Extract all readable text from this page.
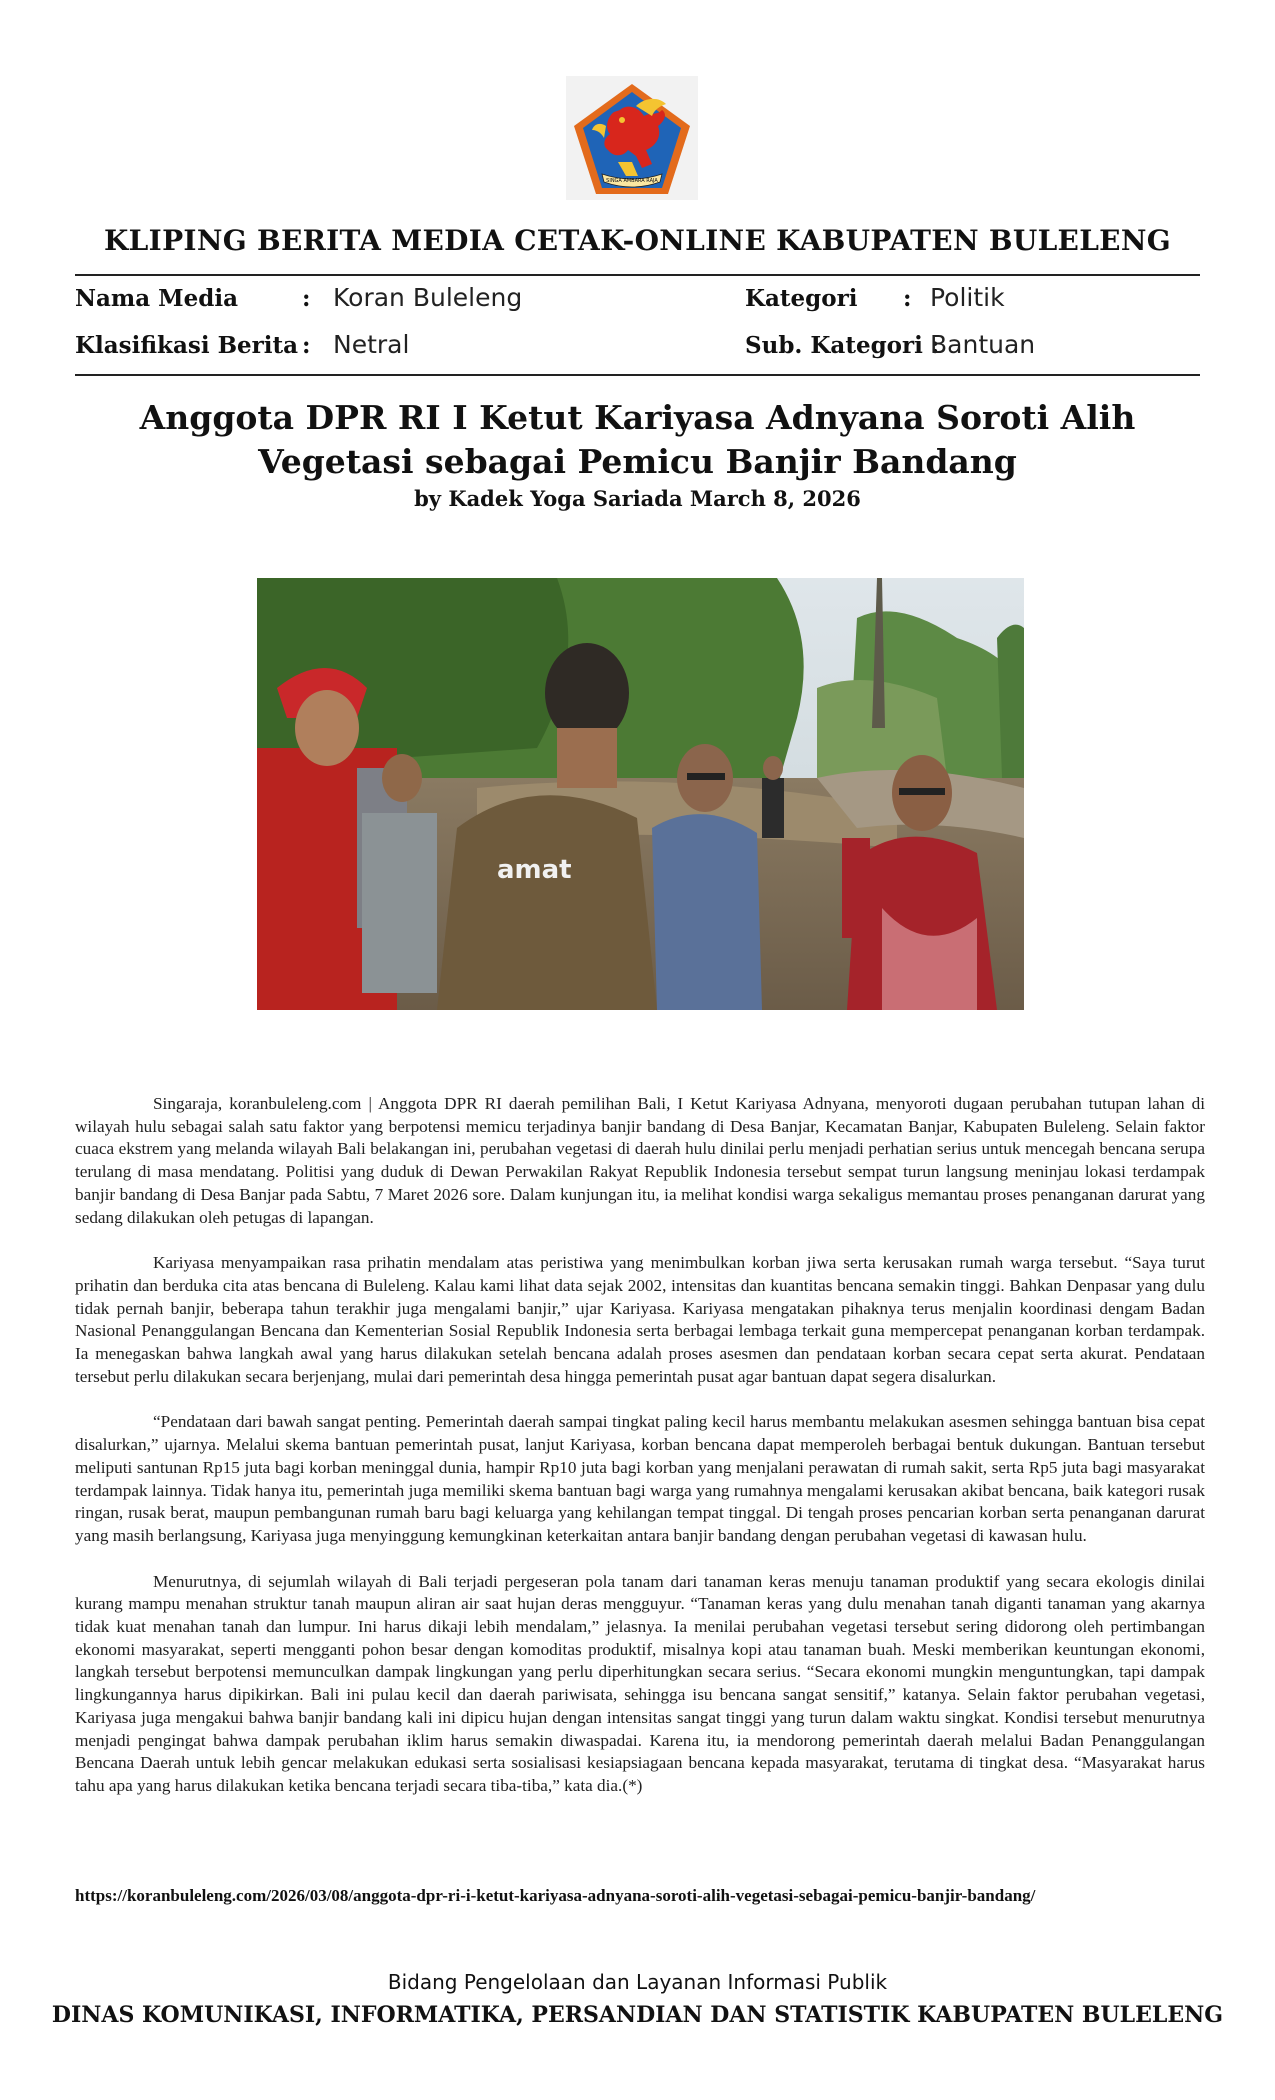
SINGA AMBARA RAJA
KLIPING BERITA MEDIA CETAK-ONLINE KABUPATEN BULELENG
Nama Media	: Koran Buleleng
Klasifikasi Berita : Netral
Kategori : Politik
Sub. Kategori :
Bantuan
Anggota DPR RI I Ketut Kariyasa Adnyana Soroti Alih Vegetasi sebagai Pemicu Banjir Bandang
by Kadek Yoga Sariada March 8, 2026
amat

Singaraja, koranbuleleng.com | Anggota DPR RI daerah pemilihan Bali, I Ketut Kariyasa Adnyana, menyoroti dugaan perubahan tutupan lahan di wilayah hulu sebagai salah satu faktor yang berpotensi memicu terjadinya banjir bandang di Desa Banjar, Kecamatan Banjar, Kabupaten Buleleng. Selain faktor cuaca ekstrem yang melanda wilayah Bali belakangan ini, perubahan vegetasi di daerah hulu dinilai perlu menjadi perhatian serius untuk mencegah bencana serupa terulang di masa mendatang. Politisi yang duduk di Dewan Perwakilan Rakyat Republik Indonesia tersebut sempat turun langsung meninjau lokasi terdampak banjir bandang di Desa Banjar pada Sabtu, 7 Maret 2026 sore. Dalam kunjungan itu, ia melihat kondisi warga sekaligus memantau proses penanganan darurat yang sedang dilakukan oleh petugas di lapangan.

Kariyasa menyampaikan rasa prihatin mendalam atas peristiwa yang menimbulkan korban jiwa serta kerusakan rumah warga tersebut. “Saya turut prihatin dan berduka cita atas bencana di Buleleng. Kalau kami lihat data sejak 2002, intensitas dan kuantitas bencana semakin tinggi. Bahkan Denpasar yang dulu tidak pernah banjir, beberapa tahun terakhir juga mengalami banjir,” ujar Kariyasa. Kariyasa mengatakan pihaknya terus menjalin koordinasi dengam Badan Nasional Penanggulangan Bencana dan Kementerian Sosial Republik Indonesia serta berbagai lembaga terkait guna mempercepat penanganan korban terdampak. Ia menegaskan bahwa langkah awal yang harus dilakukan setelah bencana adalah proses asesmen dan pendataan korban secara cepat serta akurat. Pendataan tersebut perlu dilakukan secara berjenjang, mulai dari pemerintah desa hingga pemerintah pusat agar bantuan dapat segera disalurkan.

“Pendataan dari bawah sangat penting. Pemerintah daerah sampai tingkat paling kecil harus membantu melakukan asesmen sehingga bantuan bisa cepat disalurkan,” ujarnya. Melalui skema bantuan pemerintah pusat, lanjut Kariyasa, korban bencana dapat memperoleh berbagai bentuk dukungan. Bantuan tersebut meliputi santunan Rp15 juta bagi korban meninggal dunia, hampir Rp10 juta bagi korban yang menjalani perawatan di rumah sakit, serta Rp5 juta bagi masyarakat terdampak lainnya. Tidak hanya itu, pemerintah juga memiliki skema bantuan bagi warga yang rumahnya mengalami kerusakan akibat bencana, baik kategori rusak ringan, rusak berat, maupun pembangunan rumah baru bagi keluarga yang kehilangan tempat tinggal. Di tengah proses pencarian korban serta penanganan darurat yang masih berlangsung, Kariyasa juga menyinggung kemungkinan keterkaitan antara banjir bandang dengan perubahan vegetasi di kawasan hulu.

Menurutnya, di sejumlah wilayah di Bali terjadi pergeseran pola tanam dari tanaman keras menuju tanaman produktif yang secara ekologis dinilai kurang mampu menahan struktur tanah maupun aliran air saat hujan deras mengguyur. “Tanaman keras yang dulu menahan tanah diganti tanaman yang akarnya tidak kuat menahan tanah dan lumpur. Ini harus dikaji lebih mendalam,” jelasnya. Ia menilai perubahan vegetasi tersebut sering didorong oleh pertimbangan ekonomi masyarakat, seperti mengganti pohon besar dengan komoditas produktif, misalnya kopi atau tanaman buah. Meski memberikan keuntungan ekonomi, langkah tersebut berpotensi memunculkan dampak lingkungan yang perlu diperhitungkan secara serius. “Secara ekonomi mungkin menguntungkan, tapi dampak lingkungannya harus dipikirkan. Bali ini pulau kecil dan daerah pariwisata, sehingga isu bencana sangat sensitif,” katanya. Selain faktor perubahan vegetasi, Kariyasa juga mengakui bahwa banjir bandang kali ini dipicu hujan dengan intensitas sangat tinggi yang turun dalam waktu singkat. Kondisi tersebut menurutnya menjadi pengingat bahwa dampak perubahan iklim harus semakin diwaspadai. Karena itu, ia mendorong pemerintah daerah melalui Badan Penanggulangan Bencana Daerah untuk lebih gencar melakukan edukasi serta sosialisasi kesiapsiagaan bencana kepada masyarakat, terutama di tingkat desa. “Masyarakat harus tahu apa yang harus dilakukan ketika bencana terjadi secara tiba-tiba,” kata dia.(*)

https://koranbuleleng.com/2026/03/08/anggota-dpr-ri-i-ketut-kariyasa-adnyana-soroti-alih-vegetasi-sebagai-pemicu-banjir-bandang/
Bidang Pengelolaan dan Layanan Informasi Publik
DINAS KOMUNIKASI, INFORMATIKA, PERSANDIAN DAN STATISTIK KABUPATEN BULELENG
